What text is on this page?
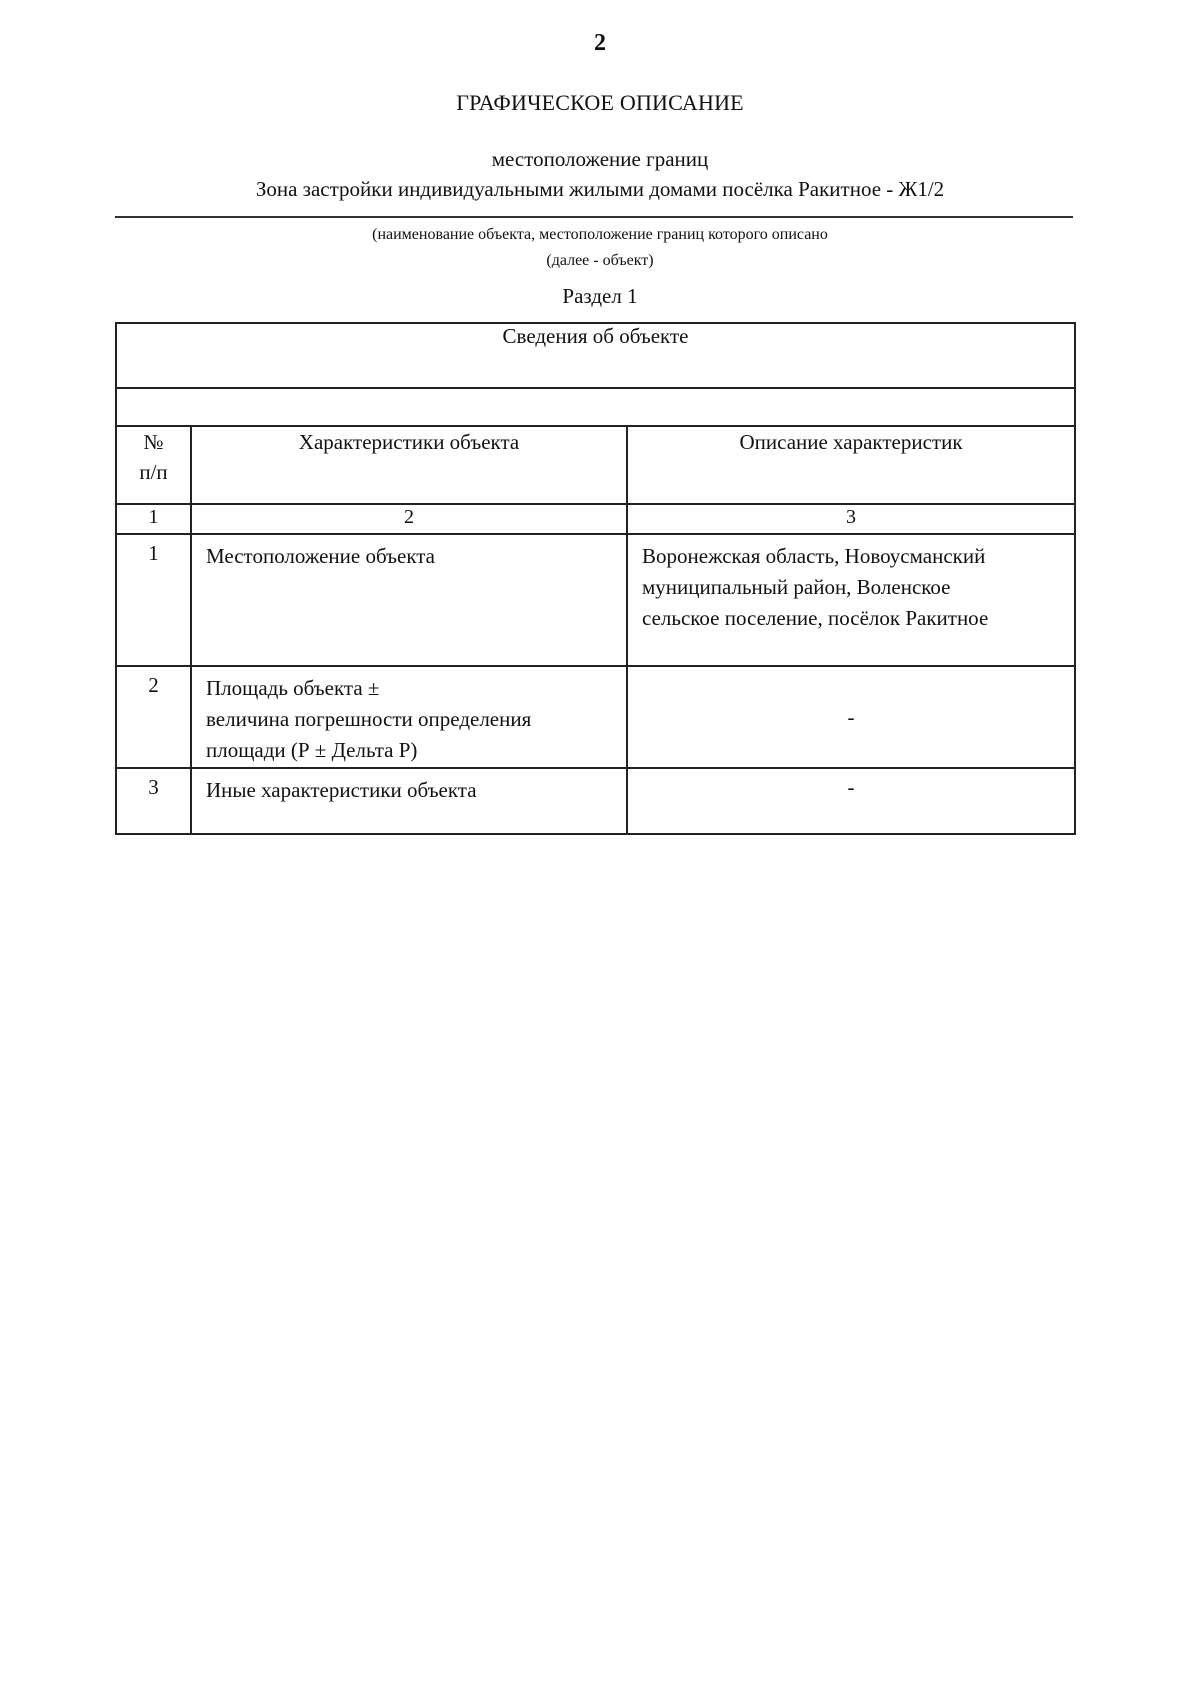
2
ГРАФИЧЕСКОЕ ОПИСАНИЕ
местоположение границ
Зона застройки индивидуальными жилыми домами посёлка Ракитное - Ж1/2
(наименование объекта, местоположение границ которого описано
(далее - объект)
Раздел 1
Сведения об объекте		

№
п/п	Характеристики объекта	Описание характеристик
1	2	3
1	Местоположение объекта	Воронежская область, Новоусманский
муниципальный район, Воленское
сельское поселение, посёлок Ракитное

2	Площадь объекта ±
величина погрешности определения
площади (Р ± Дельта Р)	-
3	Иные характеристики объекта	-
